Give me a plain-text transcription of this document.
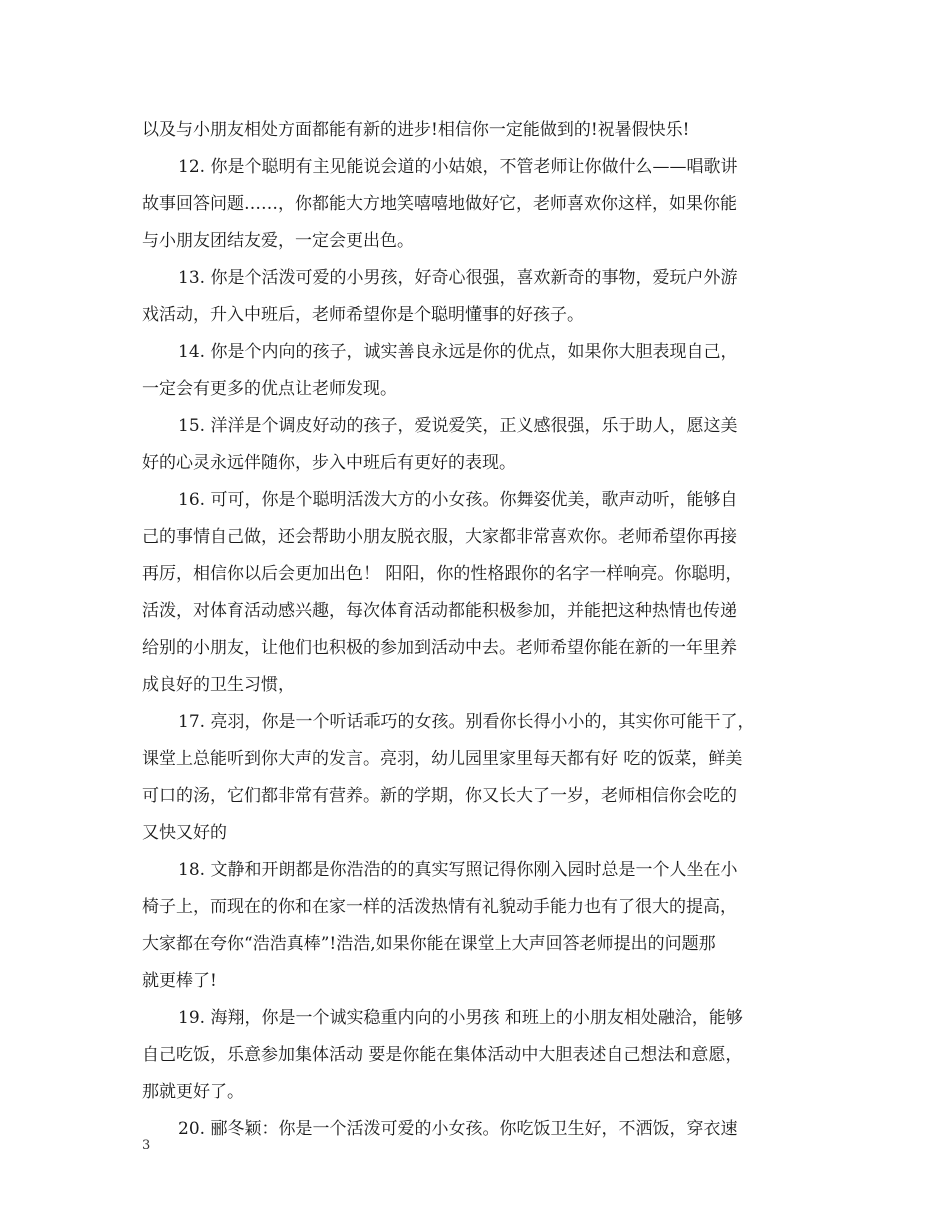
以及与小朋友相处方面都能有新的进步!相信你一定能做到的!祝暑假快乐!
12. 你是个聪明有主见能说会道的小姑娘，不管老师让你做什么——唱歌讲
故事回答问题……，你都能大方地笑嘻嘻地做好它，老师喜欢你这样，如果你能
与小朋友团结友爱，一定会更出色。
13. 你是个活泼可爱的小男孩，好奇心很强，喜欢新奇的事物，爱玩户外游
戏活动，升入中班后，老师希望你是个聪明懂事的好孩子。
14. 你是个内向的孩子，诚实善良永远是你的优点，如果你大胆表现自己，
一定会有更多的优点让老师发现。
15. 洋洋是个调皮好动的孩子，爱说爱笑，正义感很强，乐于助人，愿这美
好的心灵永远伴随你，步入中班后有更好的表现。
16. 可可，你是个聪明活泼大方的小女孩。你舞姿优美，歌声动听，能够自
己的事情自己做，还会帮助小朋友脱衣服，大家都非常喜欢你。老师希望你再接
再厉，相信你以后会更加出色！ 阳阳，你的性格跟你的名字一样响亮。你聪明，
活泼，对体育活动感兴趣，每次体育活动都能积极参加，并能把这种热情也传递
给别的小朋友，让他们也积极的参加到活动中去。老师希望你能在新的一年里养
成良好的卫生习惯，
17. 亮羽，你是一个听话乖巧的女孩。别看你长得小小的，其实你可能干了，
课堂上总能听到你大声的发言。亮羽，幼儿园里家里每天都有好 吃的饭菜，鲜美
可口的汤，它们都非常有营养。新的学期，你又长大了一岁，老师相信你会吃的
又快又好的
18. 文静和开朗都是你浩浩的的真实写照记得你刚入园时总是一个人坐在小
椅子上，而现在的你和在家一样的活泼热情有礼貌动手能力也有了很大的提高，
大家都在夸你“浩浩真棒”!浩浩,如果你能在课堂上大声回答老师提出的问题那
就更棒了!
19. 海翔，你是一个诚实稳重内向的小男孩 和班上的小朋友相处融洽，能够
自己吃饭，乐意参加集体活动 要是你能在集体活动中大胆表述自己想法和意愿，
那就更好了。
20. 郦冬颖：你是一个活泼可爱的小女孩。你吃饭卫生好，不洒饭，穿衣速
3
